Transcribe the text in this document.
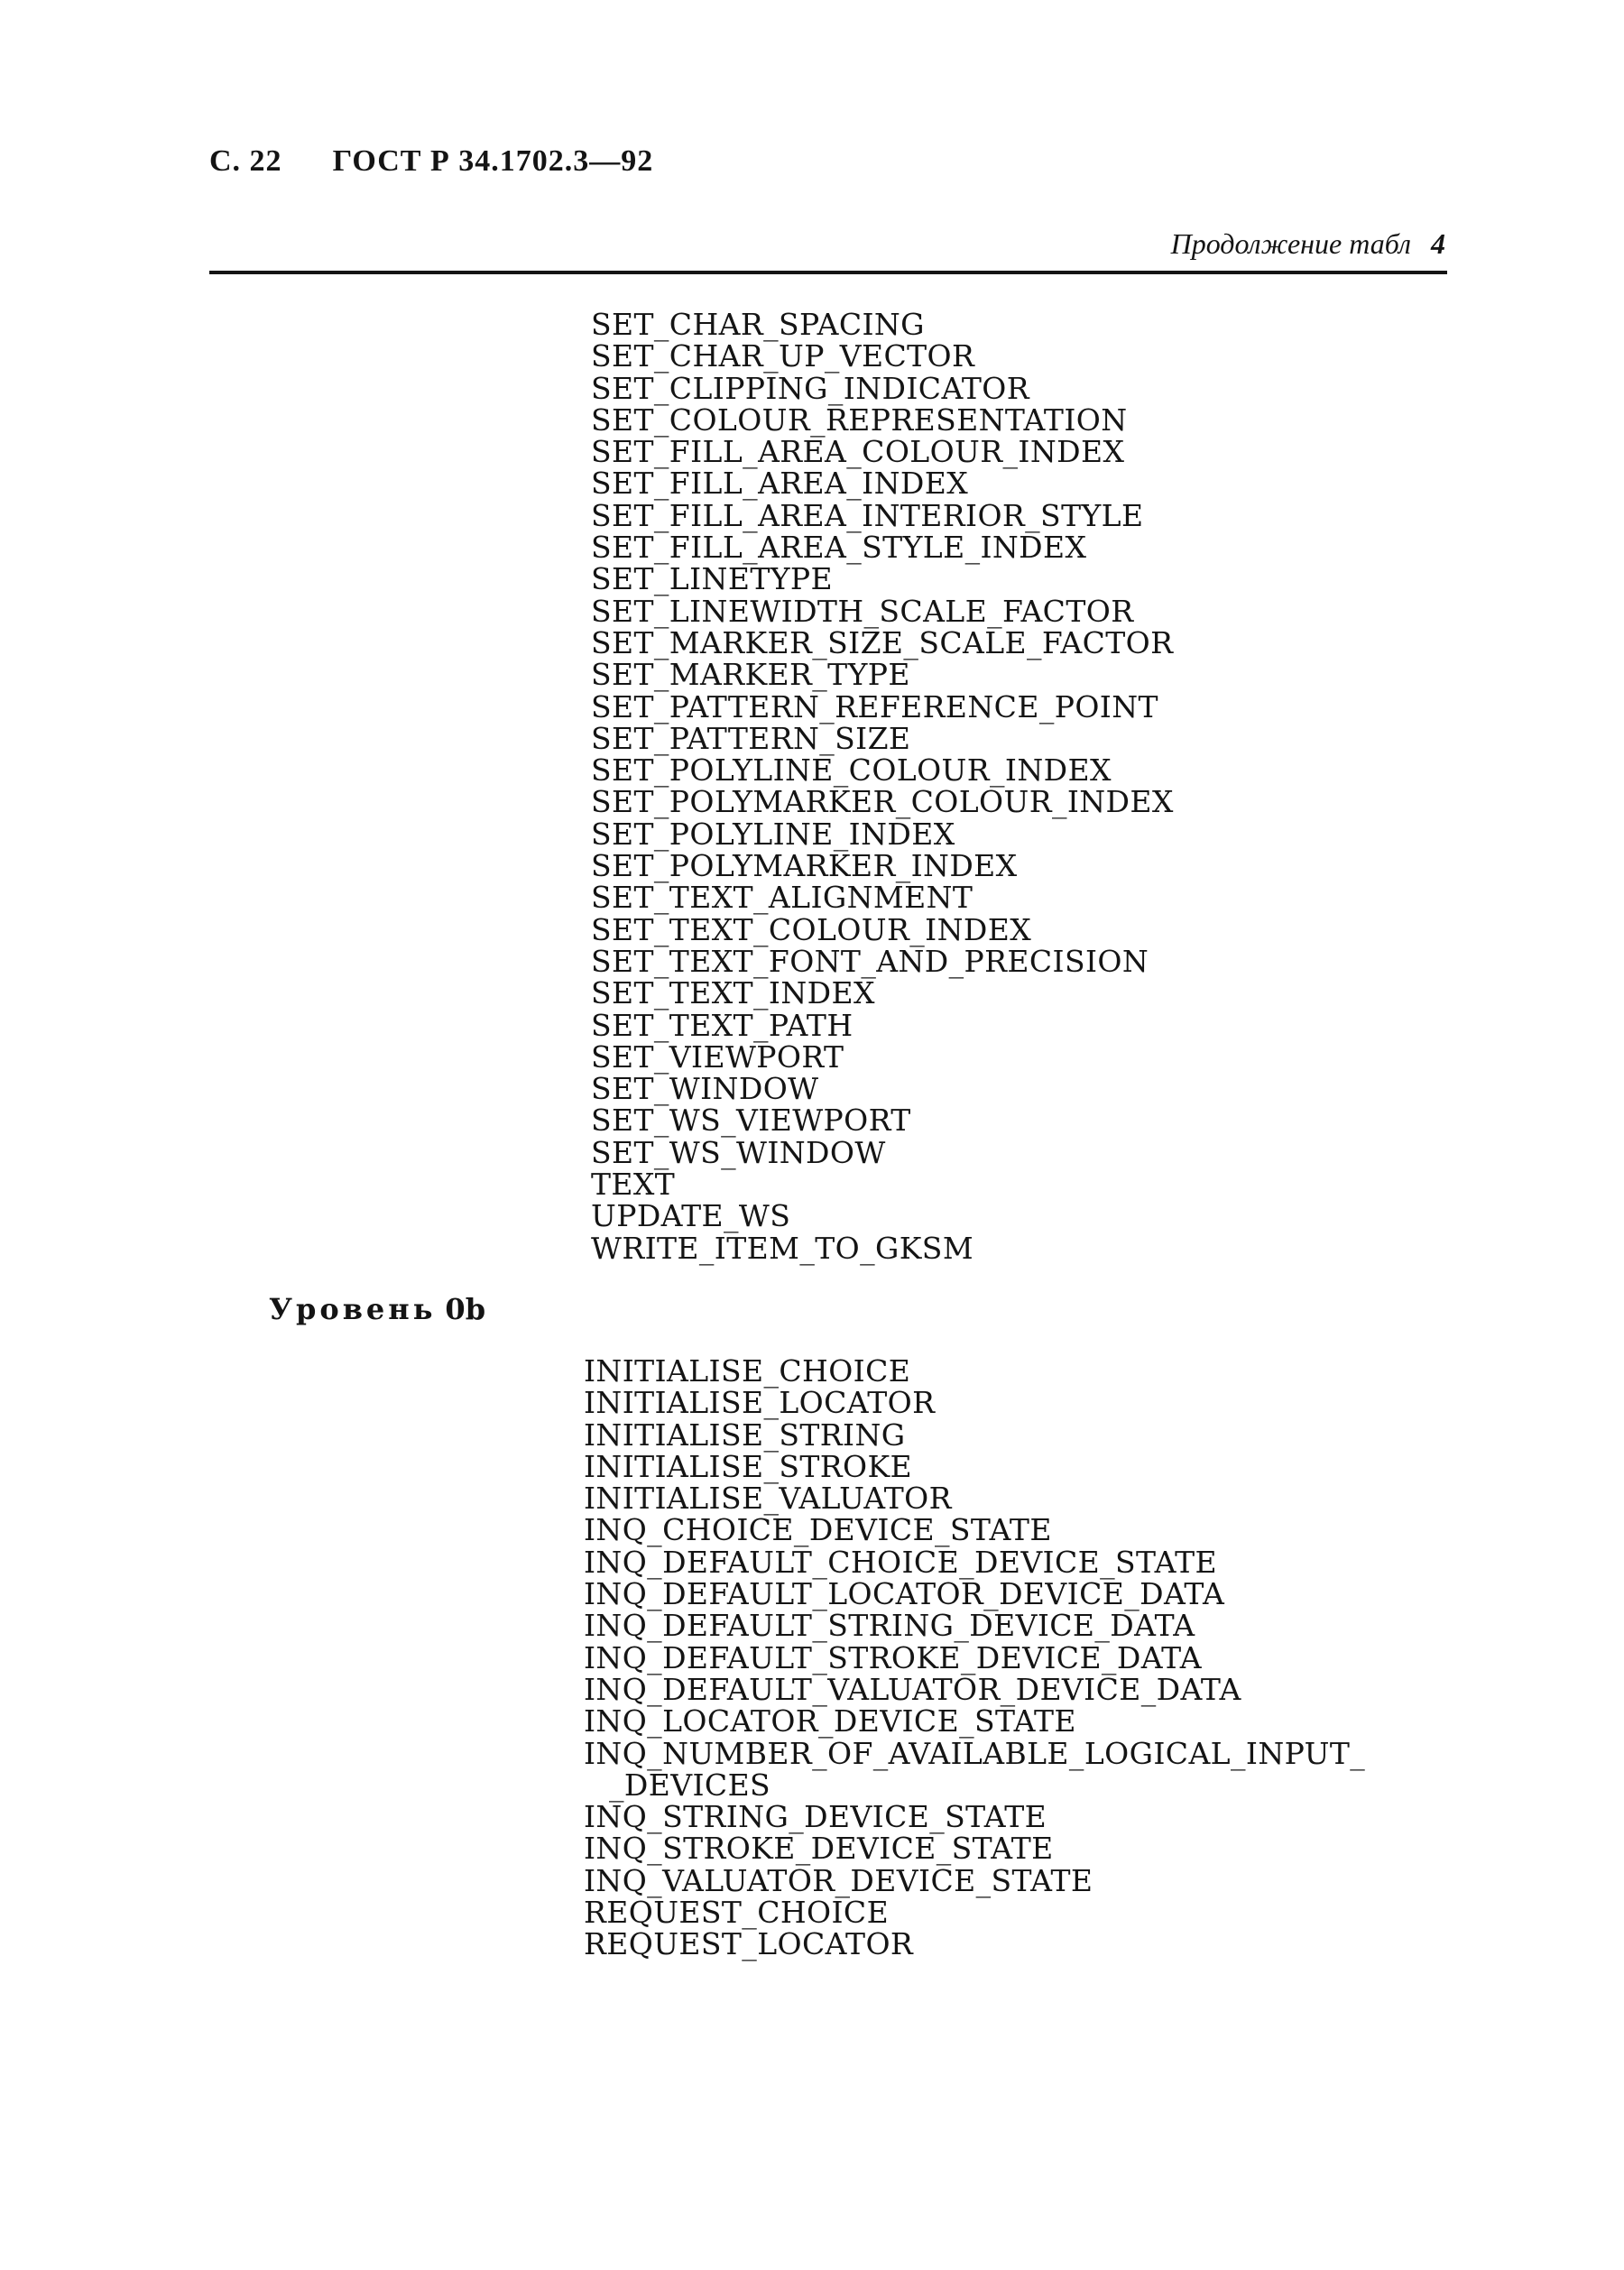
С. 22 ГОСТ Р 34.1702.3—92
Продолжение табл 4
SET_CHAR_SPACING
SET_CHAR_UP_VECTOR
SET_CLIPPING_INDICATOR
SET_COLOUR_REPRESENTATION
SET_FILL_AREA_COLOUR_INDEX
SET_FILL_AREA_INDEX
SET_FILL_AREA_INTERIOR_STYLE
SET_FILL_AREA_STYLE_INDEX
SET_LINETYPE
SET_LINEWIDTH_SCALE_FACTOR
SET_MARKER_SIZE_SCALE_FACTOR
SET_MARKER_TYPE
SET_PATTERN_REFERENCE_POINT
SET_PATTERN_SIZE
SET_POLYLINE_COLOUR_INDEX
SET_POLYMARKER_COLOUR_INDEX
SET_POLYLINE_INDEX
SET_POLYMARKER_INDEX
SET_TEXT_ALIGNMENT
SET_TEXT_COLOUR_INDEX
SET_TEXT_FONT_AND_PRECISION
SET_TEXT_INDEX
SET_TEXT_PATH
SET_VIEWPORT
SET_WINDOW
SET_WS_VIEWPORT
SET_WS_WINDOW
TEXT
UPDATE_WS
WRITE_ITEM_TO_GKSM
Уровень 0b
INITIALISE_CHOICE
INITIALISE_LOCATOR
INITIALISE_STRING
INITIALISE_STROKE
INITIALISE_VALUATOR
INQ_CHOICE_DEVICE_STATE
INQ_DEFAULT_CHOICE_DEVICE_STATE
INQ_DEFAULT_LOCATOR_DEVICE_DATA
INQ_DEFAULT_STRING_DEVICE_DATA
INQ_DEFAULT_STROKE_DEVICE_DATA
INQ_DEFAULT_VALUATOR_DEVICE_DATA
INQ_LOCATOR_DEVICE_STATE
INQ_NUMBER_OF_AVAILABLE_LOGICAL_INPUT_
_DEVICES
INQ_STRING_DEVICE_STATE
INQ_STROKE_DEVICE_STATE
INQ_VALUATOR_DEVICE_STATE
REQUEST_CHOICE
REQUEST_LOCATOR
